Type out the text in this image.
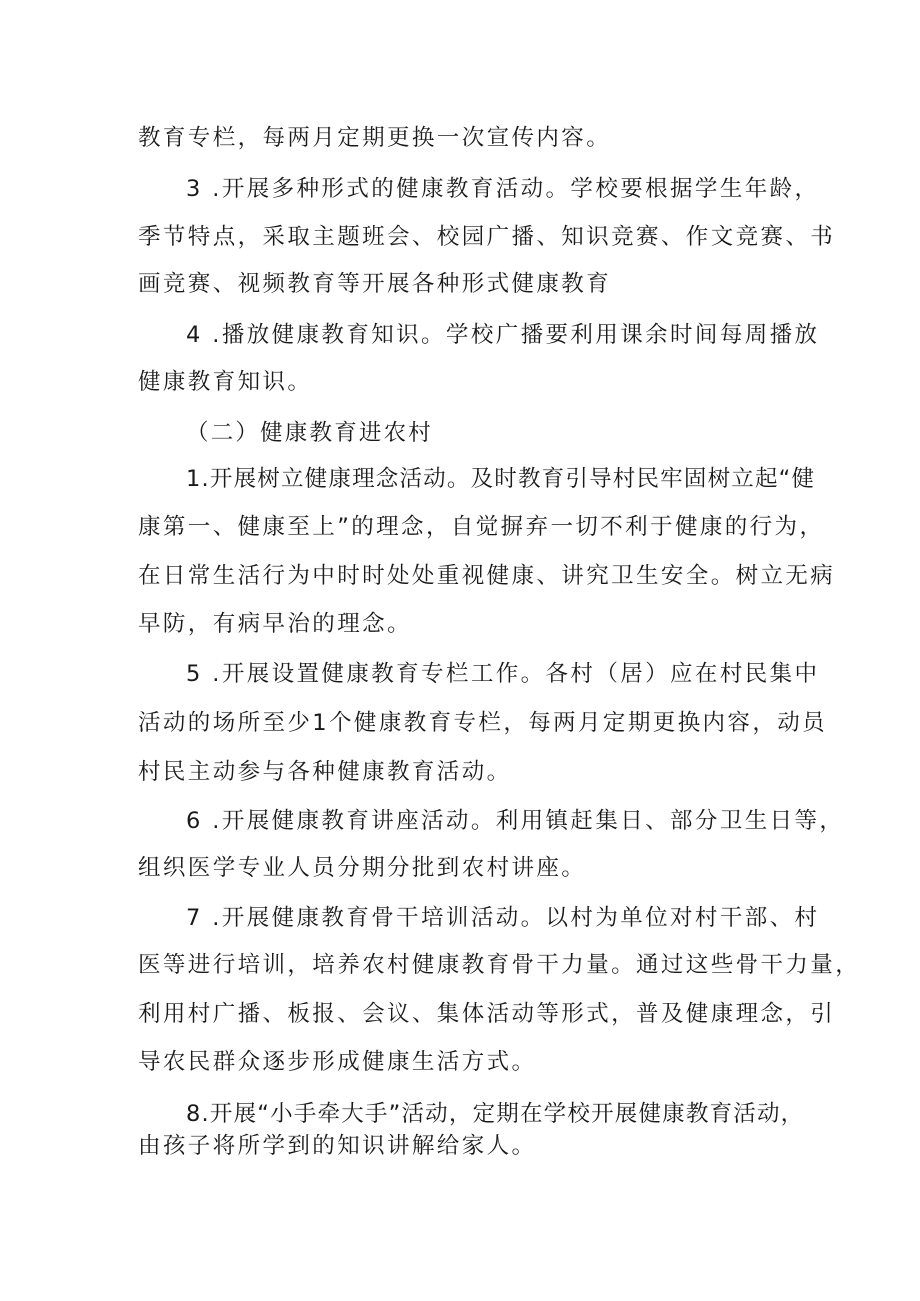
教育专栏，每两月定期更换一次宣传内容。

3 .开展多种形式的健康教育活动。学校要根据学生年龄，

季节特点，采取主题班会、校园广播、知识竞赛、作文竞赛、书

画竞赛、视频教育等开展各种形式健康教育

4 .播放健康教育知识。学校广播要利用课余时间每周播放

健康教育知识。

（二）健康教育进农村

1.开展树立健康理念活动。及时教育引导村民牢固树立起“健

康第一、健康至上”的理念，自觉摒弃一切不利于健康的行为，

在日常生活行为中时时处处重视健康、讲究卫生安全。树立无病

早防，有病早治的理念。

5 .开展设置健康教育专栏工作。各村（居）应在村民集中

活动的场所至少1个健康教育专栏，每两月定期更换内容，动员

村民主动参与各种健康教育活动。

6 .开展健康教育讲座活动。利用镇赶集日、部分卫生日等，

组织医学专业人员分期分批到农村讲座。

7 .开展健康教育骨干培训活动。以村为单位对村干部、村

医等进行培训，培养农村健康教育骨干力量。通过这些骨干力量，

利用村广播、板报、会议、集体活动等形式，普及健康理念，引

导农民群众逐步形成健康生活方式。

8.开展“小手牵大手”活动，定期在学校开展健康教育活动，

由孩子将所学到的知识讲解给家人。
